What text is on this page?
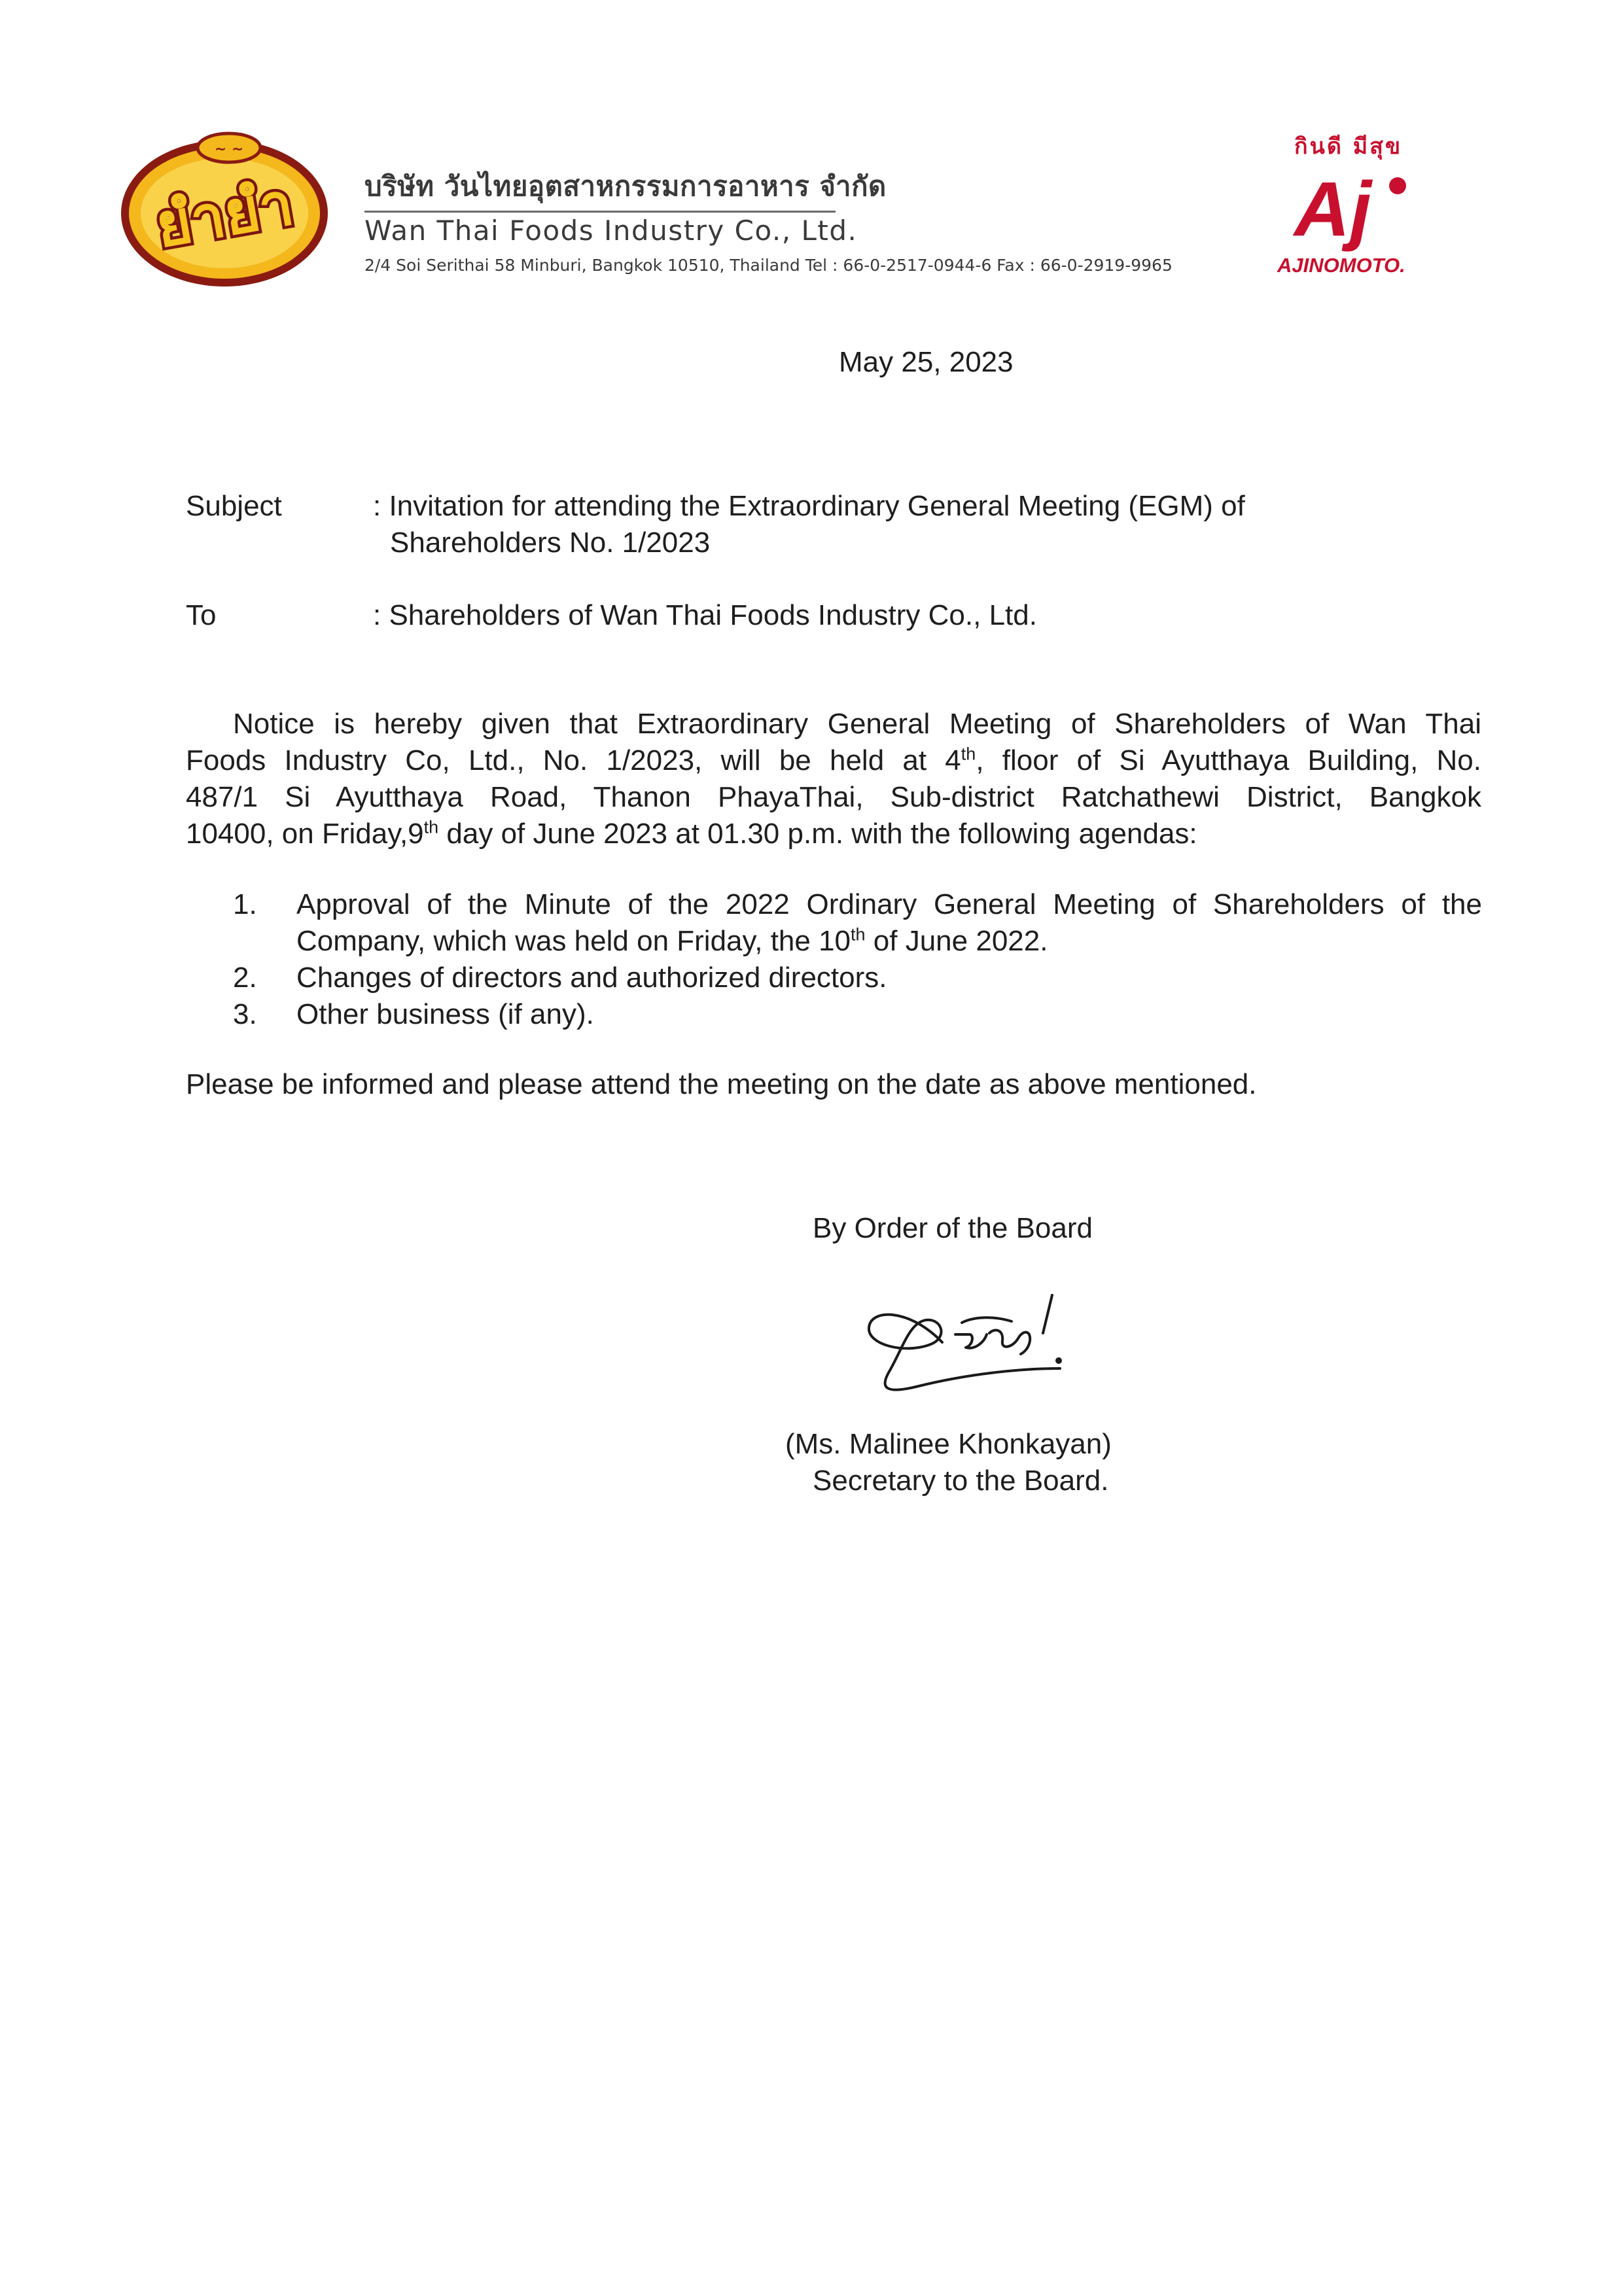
~ ~
ยำยำ บริษัท วันไทยอุตสาหกรรมการอาหาร จำกัด
Wan Thai Foods Industry Co., Ltd.
2/4 Soi Serithai 58 Minburi, Bangkok 10510, Thailand Tel : 66-0-2517-0944-6 Fax : 66-0-2919-9965
กินดี มีสุข
Aj
AJINOMOTO.
May 25, 2023
Subject	: Invitation for attending the Extraordinary General Meeting (EGM) of
Shareholders No. 1/2023
To	: Shareholders of Wan Thai Foods Industry Co., Ltd.
Notice is hereby given that Extraordinary General Meeting of Shareholders of Wan Thai
Foods Industry Co, Ltd., No. 1/2023, will be held at 4th, floor of Si Ayutthaya Building, No.
487/1 Si Ayutthaya Road, Thanon PhayaThai, Sub-district Ratchathewi District, Bangkok
10400, on Friday,9th day of June 2023 at 01.30 p.m. with the following agendas:
1. Approval of the Minute of the 2022 Ordinary General Meeting of Shareholders of the
Company, which was held on Friday, the 10th of June 2022.
2. Changes of directors and authorized directors.
3. Other business (if any).
Please be informed and please attend the meeting on the date as above mentioned.
By Order of the Board
(Ms. Malinee Khonkayan)
Secretary to the Board.
